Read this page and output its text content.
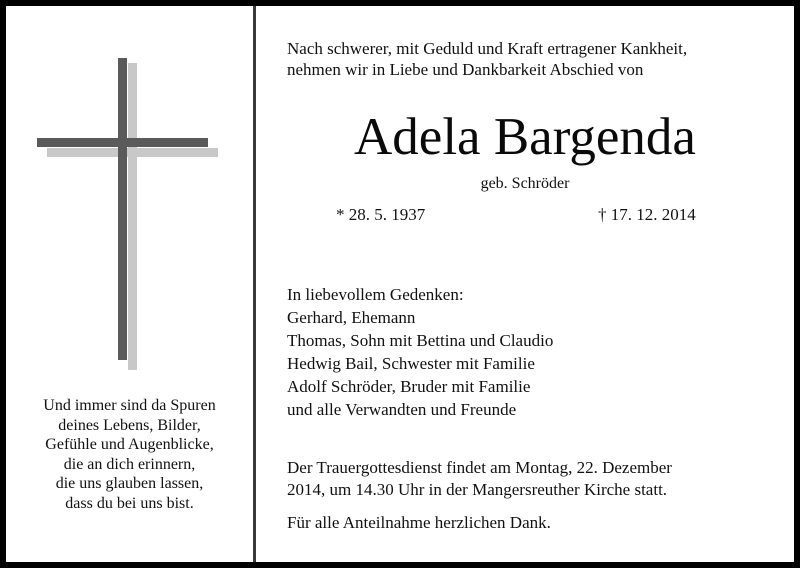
Und immer sind da Spuren
deines Lebens, Bilder,
Gefühle und Augenblicke,
die an dich erinnern,
die uns glauben lassen,
dass du bei uns bist.
Nach schwerer, mit Geduld und Kraft ertragener Kankheit,
nehmen wir in Liebe und Dankbarkeit Abschied von
Adela Bargenda
geb. Schröder
* 28. 5. 1937	† 17. 12. 2014
In liebevollem Gedenken:
Gerhard, Ehemann
Thomas, Sohn mit Bettina und Claudio
Hedwig Bail, Schwester mit Familie
Adolf Schröder, Bruder mit Familie
und alle Verwandten und Freunde
Der Trauergottesdienst findet am Montag, 22. Dezember
2014, um 14.30 Uhr in der Mangersreuther Kirche statt.
Für alle Anteilnahme herzlichen Dank.
